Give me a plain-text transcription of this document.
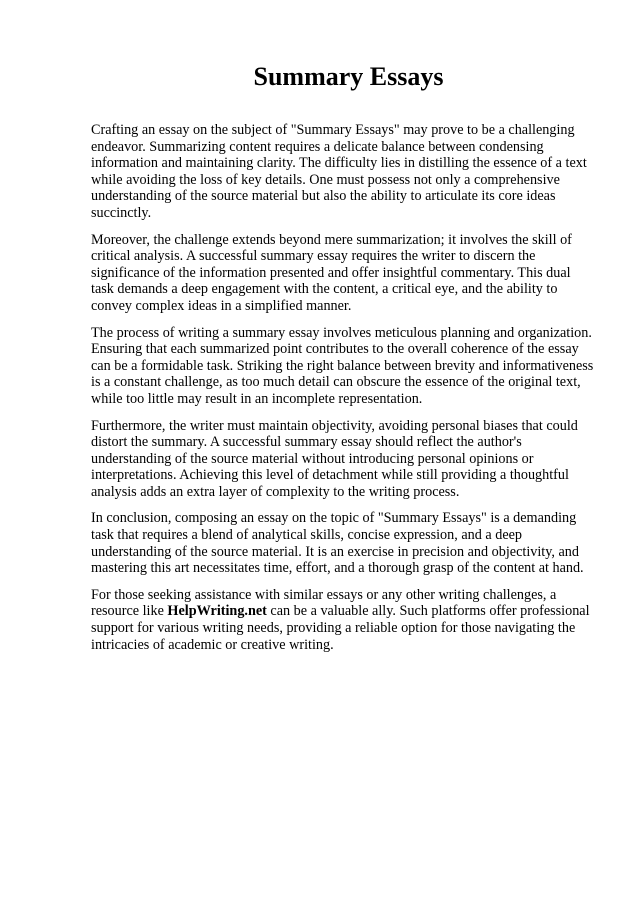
Summary Essays

Crafting an essay on the subject of "Summary Essays" may prove to be a challenging endeavor. Summarizing content requires a delicate balance between condensing information and maintaining clarity. The difficulty lies in distilling the essence of a text while avoiding the loss of key details. One must possess not only a comprehensive understanding of the source material but also the ability to articulate its core ideas succinctly.

Moreover, the challenge extends beyond mere summarization; it involves the skill of critical analysis. A successful summary essay requires the writer to discern the significance of the information presented and offer insightful commentary. This dual task demands a deep engagement with the content, a critical eye, and the ability to convey complex ideas in a simplified manner.

The process of writing a summary essay involves meticulous planning and organization. Ensuring that each summarized point contributes to the overall coherence of the essay can be a formidable task. Striking the right balance between brevity and informativeness is a constant challenge, as too much detail can obscure the essence of the original text, while too little may result in an incomplete representation.

Furthermore, the writer must maintain objectivity, avoiding personal biases that could distort the summary. A successful summary essay should reflect the author's understanding of the source material without introducing personal opinions or interpretations. Achieving this level of detachment while still providing a thoughtful analysis adds an extra layer of complexity to the writing process.

In conclusion, composing an essay on the topic of "Summary Essays" is a demanding task that requires a blend of analytical skills, concise expression, and a deep understanding of the source material. It is an exercise in precision and objectivity, and mastering this art necessitates time, effort, and a thorough grasp of the content at hand.

For those seeking assistance with similar essays or any other writing challenges, a resource like HelpWriting.net can be a valuable ally. Such platforms offer professional support for various writing needs, providing a reliable option for those navigating the intricacies of academic or creative writing.
